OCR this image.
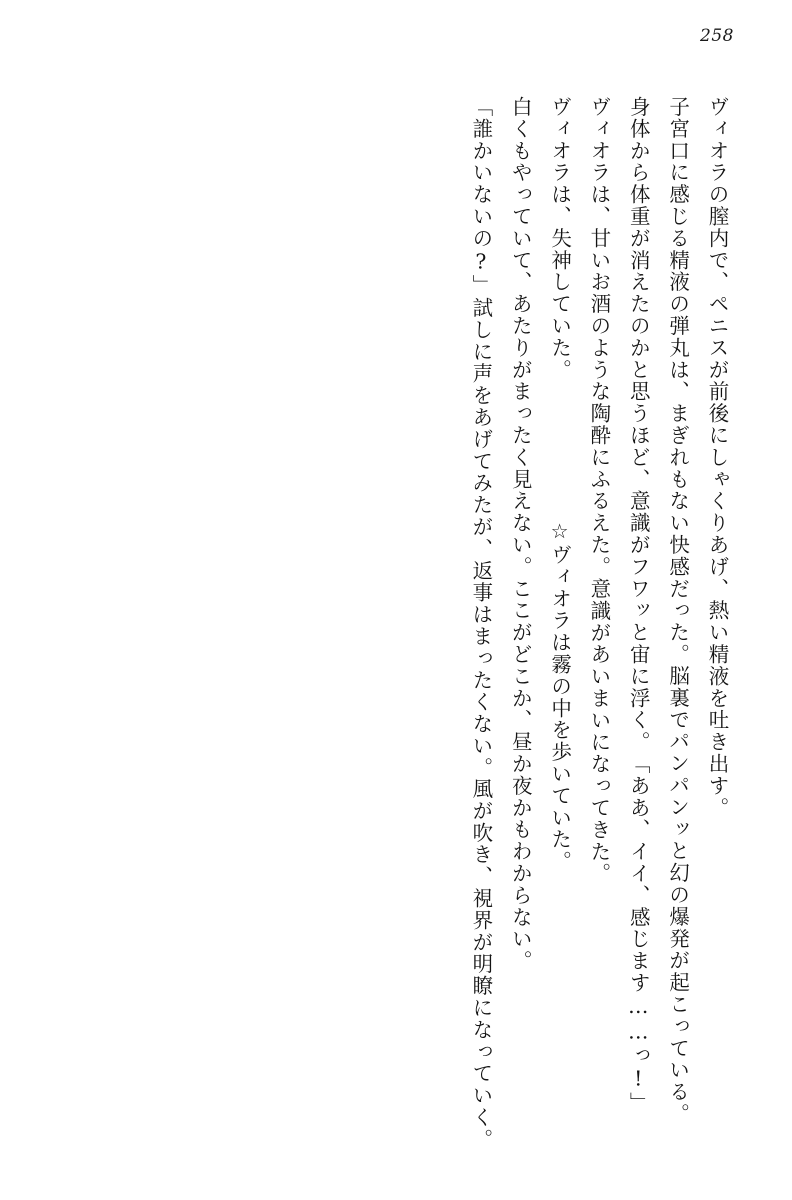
258

ヴィオラの膣内で、ペニスが前後にしゃくりあげ、熱い精液を吐き出す。

子宮口に感じる精液の弾丸は、まぎれもない快感だった。

脳裏でパンパンッと幻の爆発が起こっている。

身体から体重が消えたのかと思うほど、意識がフワッと宙に浮く。

「ああ、イイ、感じます……っ!」

ヴィオラは、甘いお酒のような陶酔にふるえた。

意識があいまいになってきた。

ヴィオラは、失神していた。

☆

ヴィオラは霧の中を歩いていた。

白くもやっていて、あたりがまったく見えない。ここがどこか、昼か夜かもわからない。

「誰かいないの?」

試しに声をあげてみたが、返事はまったくない。

風が吹き、視界が明瞭になっていく。
